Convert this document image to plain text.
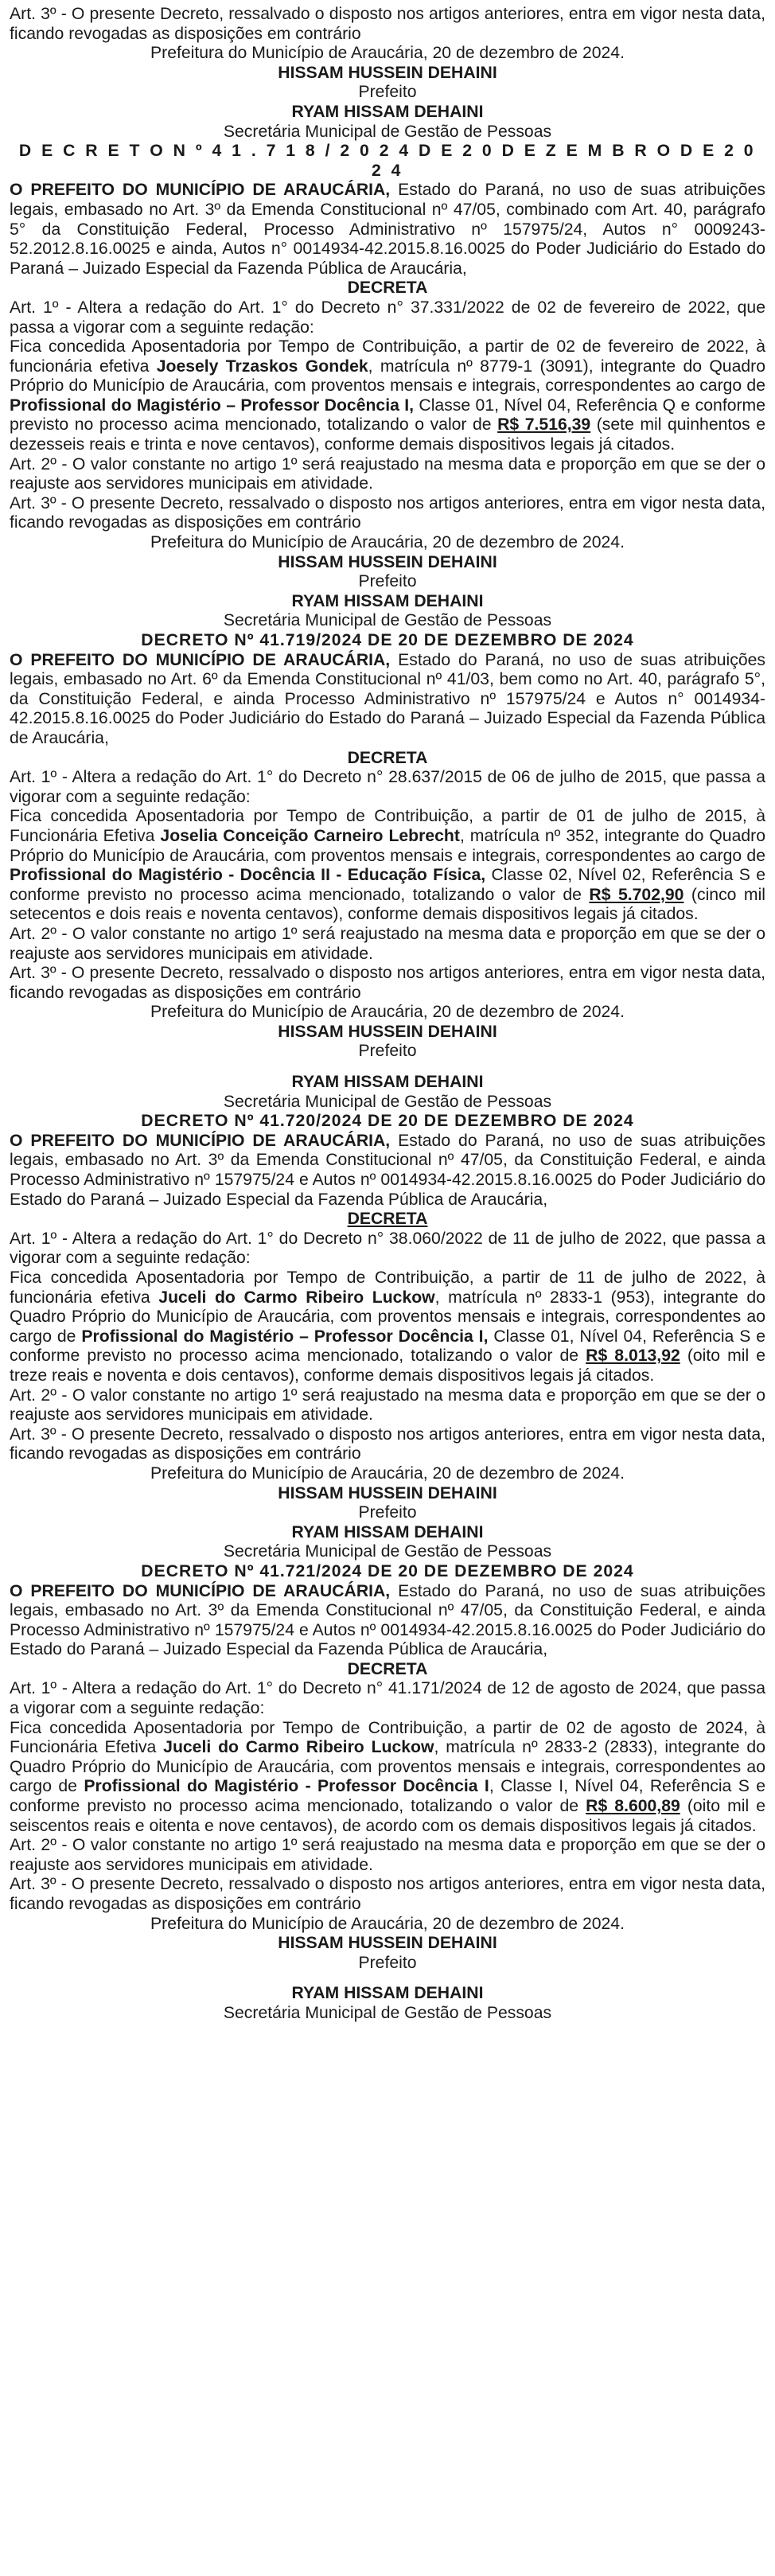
Art. 3º - O presente Decreto, ressalvado o disposto nos artigos anteriores, entra em vigor nesta data, ficando revogadas as disposições em contrário

Prefeitura do Município de Araucária, 20 de dezembro de 2024.

HISSAM HUSSEIN DEHAINI

Prefeito

RYAM HISSAM DEHAINI

Secretária Municipal de Gestão de Pessoas

D E C R E T O N º 4 1 . 7 1 8 / 2 0 2 4 D E 2 0 D E Z E M B R O D E 2 0 2 4

O PREFEITO DO MUNICÍPIO DE ARAUCÁRIA, Estado do Paraná, no uso de suas atribuições legais, embasado no Art. 3º da Emenda Constitucional nº 47/05, combinado com Art. 40, parágrafo 5° da Constituição Federal, Processo Administrativo nº 157975/24, Autos n° 0009243-52.2012.8.16.0025 e ainda, Autos n° 0014934-42.2015.8.16.0025 do Poder Judiciário do Estado do Paraná – Juizado Especial da Fazenda Pública de Araucária,

DECRETA

Art. 1º - Altera a redação do Art. 1° do Decreto n° 37.331/2022 de 02 de fevereiro de 2022, que passa a vigorar com a seguinte redação:

Fica concedida Aposentadoria por Tempo de Contribuição, a partir de 02 de fevereiro de 2022, à funcionária efetiva Joesely Trzaskos Gondek, matrícula nº 8779-1 (3091), integrante do Quadro Próprio do Município de Araucária, com proventos mensais e integrais, correspondentes ao cargo de Profissional do Magistério – Professor Docência I, Classe 01, Nível 04, Referência Q e conforme previsto no processo acima mencionado, totalizando o valor de R$ 7.516,39 (sete mil quinhentos e dezesseis reais e trinta e nove centavos), conforme demais dispositivos legais já citados.

Art. 2º - O valor constante no artigo 1º será reajustado na mesma data e proporção em que se der o reajuste aos servidores municipais em atividade.

Art. 3º - O presente Decreto, ressalvado o disposto nos artigos anteriores, entra em vigor nesta data, ficando revogadas as disposições em contrário

Prefeitura do Município de Araucária, 20 de dezembro de 2024.

HISSAM HUSSEIN DEHAINI

Prefeito

RYAM HISSAM DEHAINI

Secretária Municipal de Gestão de Pessoas

DECRETO Nº 41.719/2024 DE 20 DE DEZEMBRO DE 2024

O PREFEITO DO MUNICÍPIO DE ARAUCÁRIA, Estado do Paraná, no uso de suas atribuições legais, embasado no Art. 6º da Emenda Constitucional nº 41/03, bem como no Art. 40, parágrafo 5°, da Constituição Federal, e ainda Processo Administrativo nº 157975/24 e Autos n° 0014934-42.2015.8.16.0025 do Poder Judiciário do Estado do Paraná – Juizado Especial da Fazenda Pública de Araucária,

DECRETA

Art. 1º - Altera a redação do Art. 1° do Decreto n° 28.637/2015 de 06 de julho de 2015, que passa a vigorar com a seguinte redação:

Fica concedida Aposentadoria por Tempo de Contribuição, a partir de 01 de julho de 2015, à Funcionária Efetiva Joselia Conceição Carneiro Lebrecht, matrícula nº 352, integrante do Quadro Próprio do Município de Araucária, com proventos mensais e integrais, correspondentes ao cargo de Profissional do Magistério - Docência II - Educação Física, Classe 02, Nível 02, Referência S e conforme previsto no processo acima mencionado, totalizando o valor de R$ 5.702,90 (cinco mil setecentos e dois reais e noventa centavos), conforme demais dispositivos legais já citados.

Art. 2º - O valor constante no artigo 1º será reajustado na mesma data e proporção em que se der o reajuste aos servidores municipais em atividade.

Art. 3º - O presente Decreto, ressalvado o disposto nos artigos anteriores, entra em vigor nesta data, ficando revogadas as disposições em contrário

Prefeitura do Município de Araucária, 20 de dezembro de 2024.

HISSAM HUSSEIN DEHAINI

Prefeito

RYAM HISSAM DEHAINI

Secretária Municipal de Gestão de Pessoas

DECRETO Nº 41.720/2024 DE 20 DE DEZEMBRO DE 2024

O PREFEITO DO MUNICÍPIO DE ARAUCÁRIA, Estado do Paraná, no uso de suas atribuições legais, embasado no Art. 3º da Emenda Constitucional nº 47/05, da Constituição Federal, e ainda Processo Administrativo nº 157975/24 e Autos nº 0014934-42.2015.8.16.0025 do Poder Judiciário do Estado do Paraná – Juizado Especial da Fazenda Pública de Araucária,

DECRETA

Art. 1º - Altera a redação do Art. 1° do Decreto n° 38.060/2022 de 11 de julho de 2022, que passa a vigorar com a seguinte redação:

Fica concedida Aposentadoria por Tempo de Contribuição, a partir de 11 de julho de 2022, à funcionária efetiva Juceli do Carmo Ribeiro Luckow, matrícula nº 2833-1 (953), integrante do Quadro Próprio do Município de Araucária, com proventos mensais e integrais, correspondentes ao cargo de Profissional do Magistério – Professor Docência I, Classe 01, Nível 04, Referência S e conforme previsto no processo acima mencionado, totalizando o valor de R$ 8.013,92 (oito mil e treze reais e noventa e dois centavos), conforme demais dispositivos legais já citados.

Art. 2º - O valor constante no artigo 1º será reajustado na mesma data e proporção em que se der o reajuste aos servidores municipais em atividade.

Art. 3º - O presente Decreto, ressalvado o disposto nos artigos anteriores, entra em vigor nesta data, ficando revogadas as disposições em contrário

Prefeitura do Município de Araucária, 20 de dezembro de 2024.

HISSAM HUSSEIN DEHAINI

Prefeito

RYAM HISSAM DEHAINI

Secretária Municipal de Gestão de Pessoas

DECRETO Nº 41.721/2024 DE 20 DE DEZEMBRO DE 2024

O PREFEITO DO MUNICÍPIO DE ARAUCÁRIA, Estado do Paraná, no uso de suas atribuições legais, embasado no Art. 3º da Emenda Constitucional nº 47/05, da Constituição Federal, e ainda Processo Administrativo nº 157975/24 e Autos nº 0014934-42.2015.8.16.0025 do Poder Judiciário do Estado do Paraná – Juizado Especial da Fazenda Pública de Araucária,

DECRETA

Art. 1º - Altera a redação do Art. 1° do Decreto n° 41.171/2024 de 12 de agosto de 2024, que passa a vigorar com a seguinte redação:

Fica concedida Aposentadoria por Tempo de Contribuição, a partir de 02 de agosto de 2024, à Funcionária Efetiva Juceli do Carmo Ribeiro Luckow, matrícula nº 2833-2 (2833), integrante do Quadro Próprio do Município de Araucária, com proventos mensais e integrais, correspondentes ao cargo de Profissional do Magistério - Professor Docência I, Classe I, Nível 04, Referência S e conforme previsto no processo acima mencionado, totalizando o valor de R$ 8.600,89 (oito mil e seiscentos reais e oitenta e nove centavos), de acordo com os demais dispositivos legais já citados.

Art. 2º - O valor constante no artigo 1º será reajustado na mesma data e proporção em que se der o reajuste aos servidores municipais em atividade.

Art. 3º - O presente Decreto, ressalvado o disposto nos artigos anteriores, entra em vigor nesta data, ficando revogadas as disposições em contrário

Prefeitura do Município de Araucária, 20 de dezembro de 2024.

HISSAM HUSSEIN DEHAINI

Prefeito

RYAM HISSAM DEHAINI

Secretária Municipal de Gestão de Pessoas
